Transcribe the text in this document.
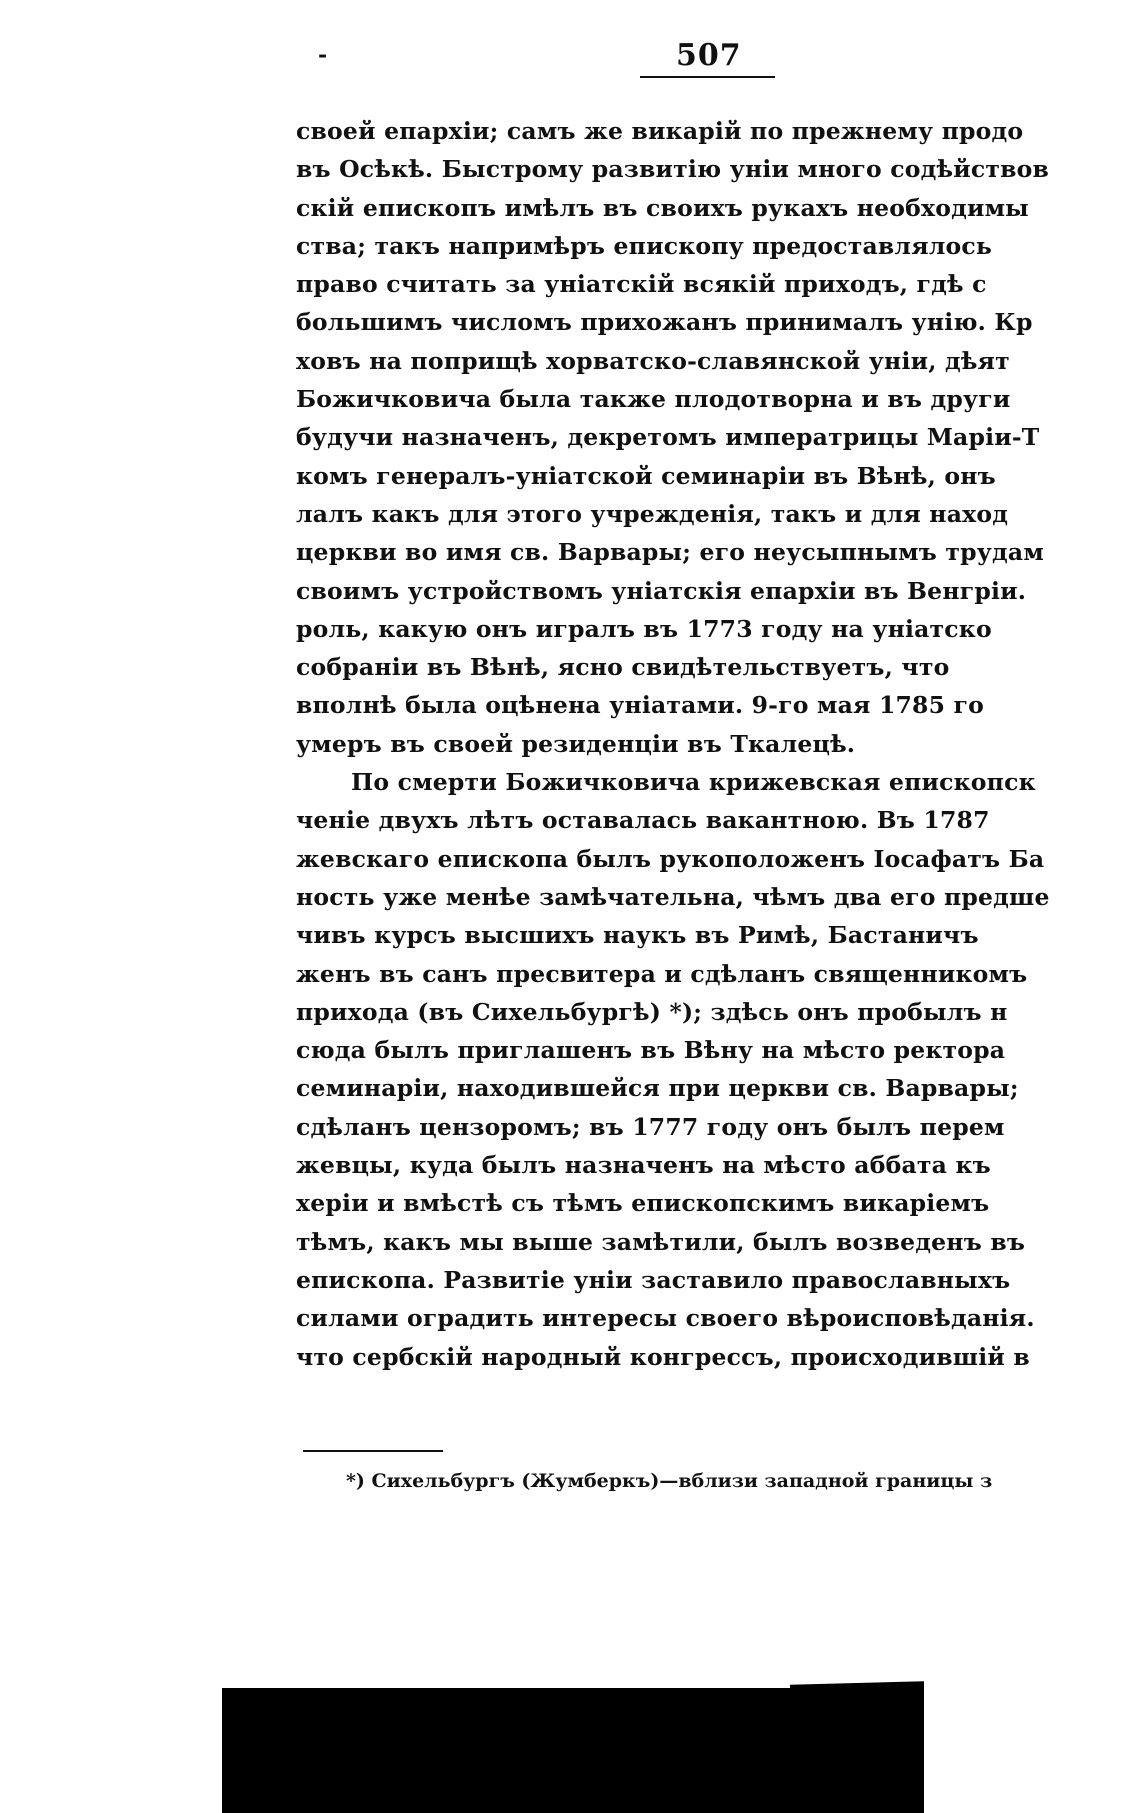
-	507
своей епархіи; самъ же викарій по прежнему продо
въ Осѣкѣ. Быстрому развитію уніи много содѣйствов
скій епископъ имѣлъ въ своихъ рукахъ необходимы
ства; такъ напримѣръ епископу предоставлялось
право считать за уніатскій всякій приходъ, гдѣ с
большимъ числомъ прихожанъ принималъ унію. Кр
ховъ на поприщѣ хорватско-славянской уніи, дѣят
Божичковича была также плодотворна и въ други
будучи назначенъ, декретомъ императрицы Маріи-Т
комъ генералъ-уніатской семинаріи въ Вѣнѣ, онъ
лалъ какъ для этого учрежденія, такъ и для наход
церкви во имя св. Варвары; его неусыпнымъ трудам
своимъ устройствомъ уніатскія епархіи въ Венгріи.
роль, какую онъ игралъ въ 1773 году на уніатско
собраніи въ Вѣнѣ, ясно свидѣтельствуетъ, что
вполнѣ была оцѣнена уніатами. 9-го мая 1785 го
умеръ въ своей резиденціи въ Ткалецѣ.
По смерти Божичковича крижевская епископск
ченіе двухъ лѣтъ оставалась вакантною. Въ 1787
жевскаго епископа былъ рукоположенъ Іосафатъ Ба
ность уже менѣе замѣчательна, чѣмъ два его предше
чивъ курсъ высшихъ наукъ въ Римѣ, Бастаничъ
женъ въ санъ пресвитера и сдѣланъ священникомъ
прихода (въ Сихельбургѣ) *); здѣсь онъ пробылъ н
сюда былъ приглашенъ въ Вѣну на мѣсто ректора
семинаріи, находившейся при церкви св. Варвары;
сдѣланъ цензоромъ; въ 1777 году онъ былъ перем
жевцы, куда былъ назначенъ на мѣсто аббата къ
херіи и вмѣстѣ съ тѣмъ епископскимъ викаріемъ
тѣмъ, какъ мы выше замѣтили, былъ возведенъ въ
епископа. Развитіе уніи заставило православныхъ
силами оградить интересы своего вѣроисповѣданія.
что сербскій народный конгрессъ, происходившій в
*) Сихельбургъ (Жумберкъ)—вблизи западной границы з
